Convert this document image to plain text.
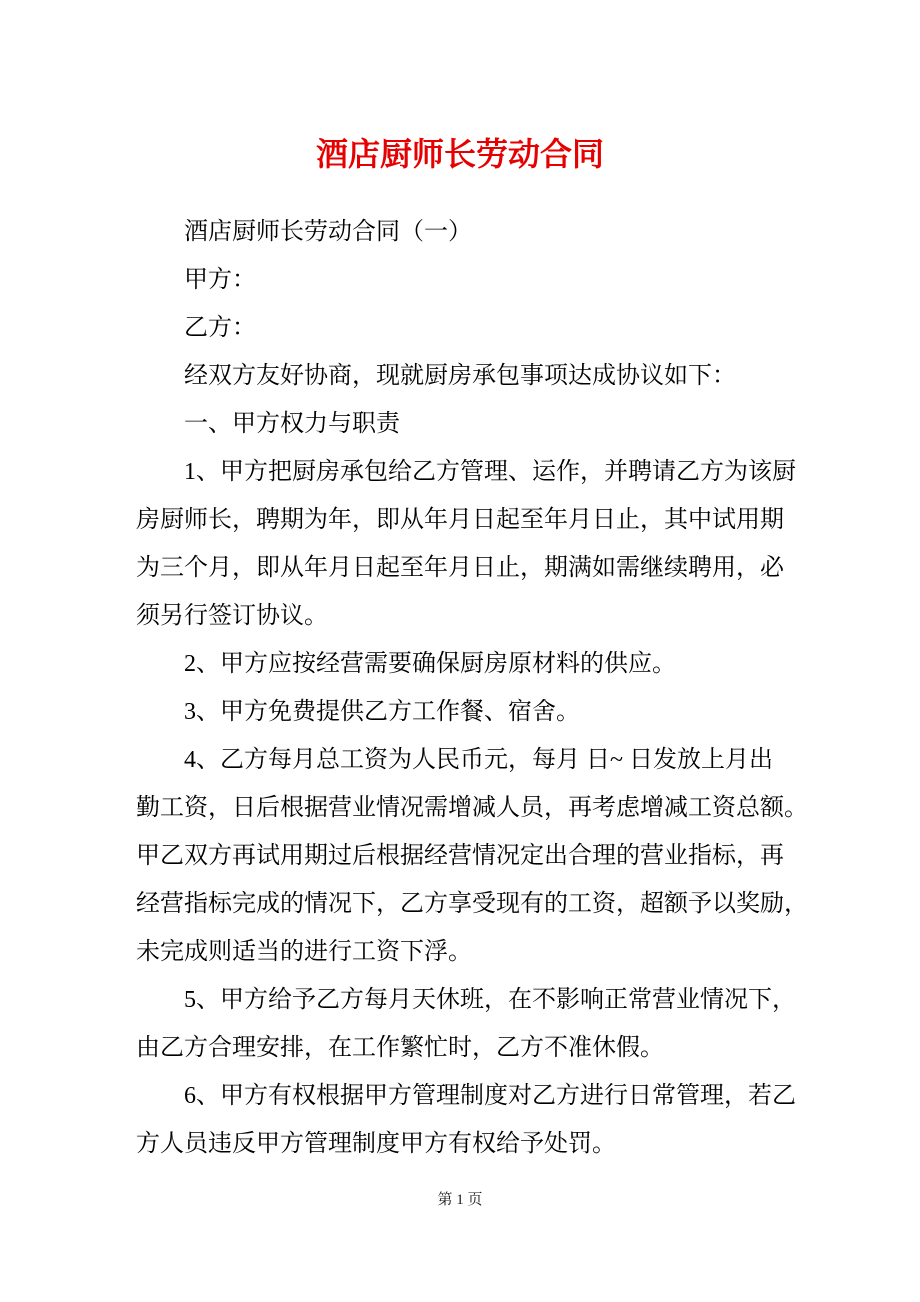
酒店厨师长劳动合同
酒店厨师长劳动合同（一）
甲方：
乙方：
经双方友好协商，现就厨房承包事项达成协议如下：
一、甲方权力与职责
1、甲方把厨房承包给乙方管理、运作，并聘请乙方为该厨
房厨师长，聘期为年，即从年月日起至年月日止，其中试用期
为三个月，即从年月日起至年月日止，期满如需继续聘用，必
须另行签订协议。
2、甲方应按经营需要确保厨房原材料的供应。
3、甲方免费提供乙方工作餐、宿舍。
4、乙方每月总工资为人民币元，每月 日~ 日发放上月出
勤工资，日后根据营业情况需增减人员，再考虑增减工资总额。
甲乙双方再试用期过后根据经营情况定出合理的营业指标，再
经营指标完成的情况下，乙方享受现有的工资，超额予以奖励，
未完成则适当的进行工资下浮。
5、甲方给予乙方每月天休班，在不影响正常营业情况下，
由乙方合理安排，在工作繁忙时，乙方不准休假。
6、甲方有权根据甲方管理制度对乙方进行日常管理，若乙
方人员违反甲方管理制度甲方有权给予处罚。
第 1 页
